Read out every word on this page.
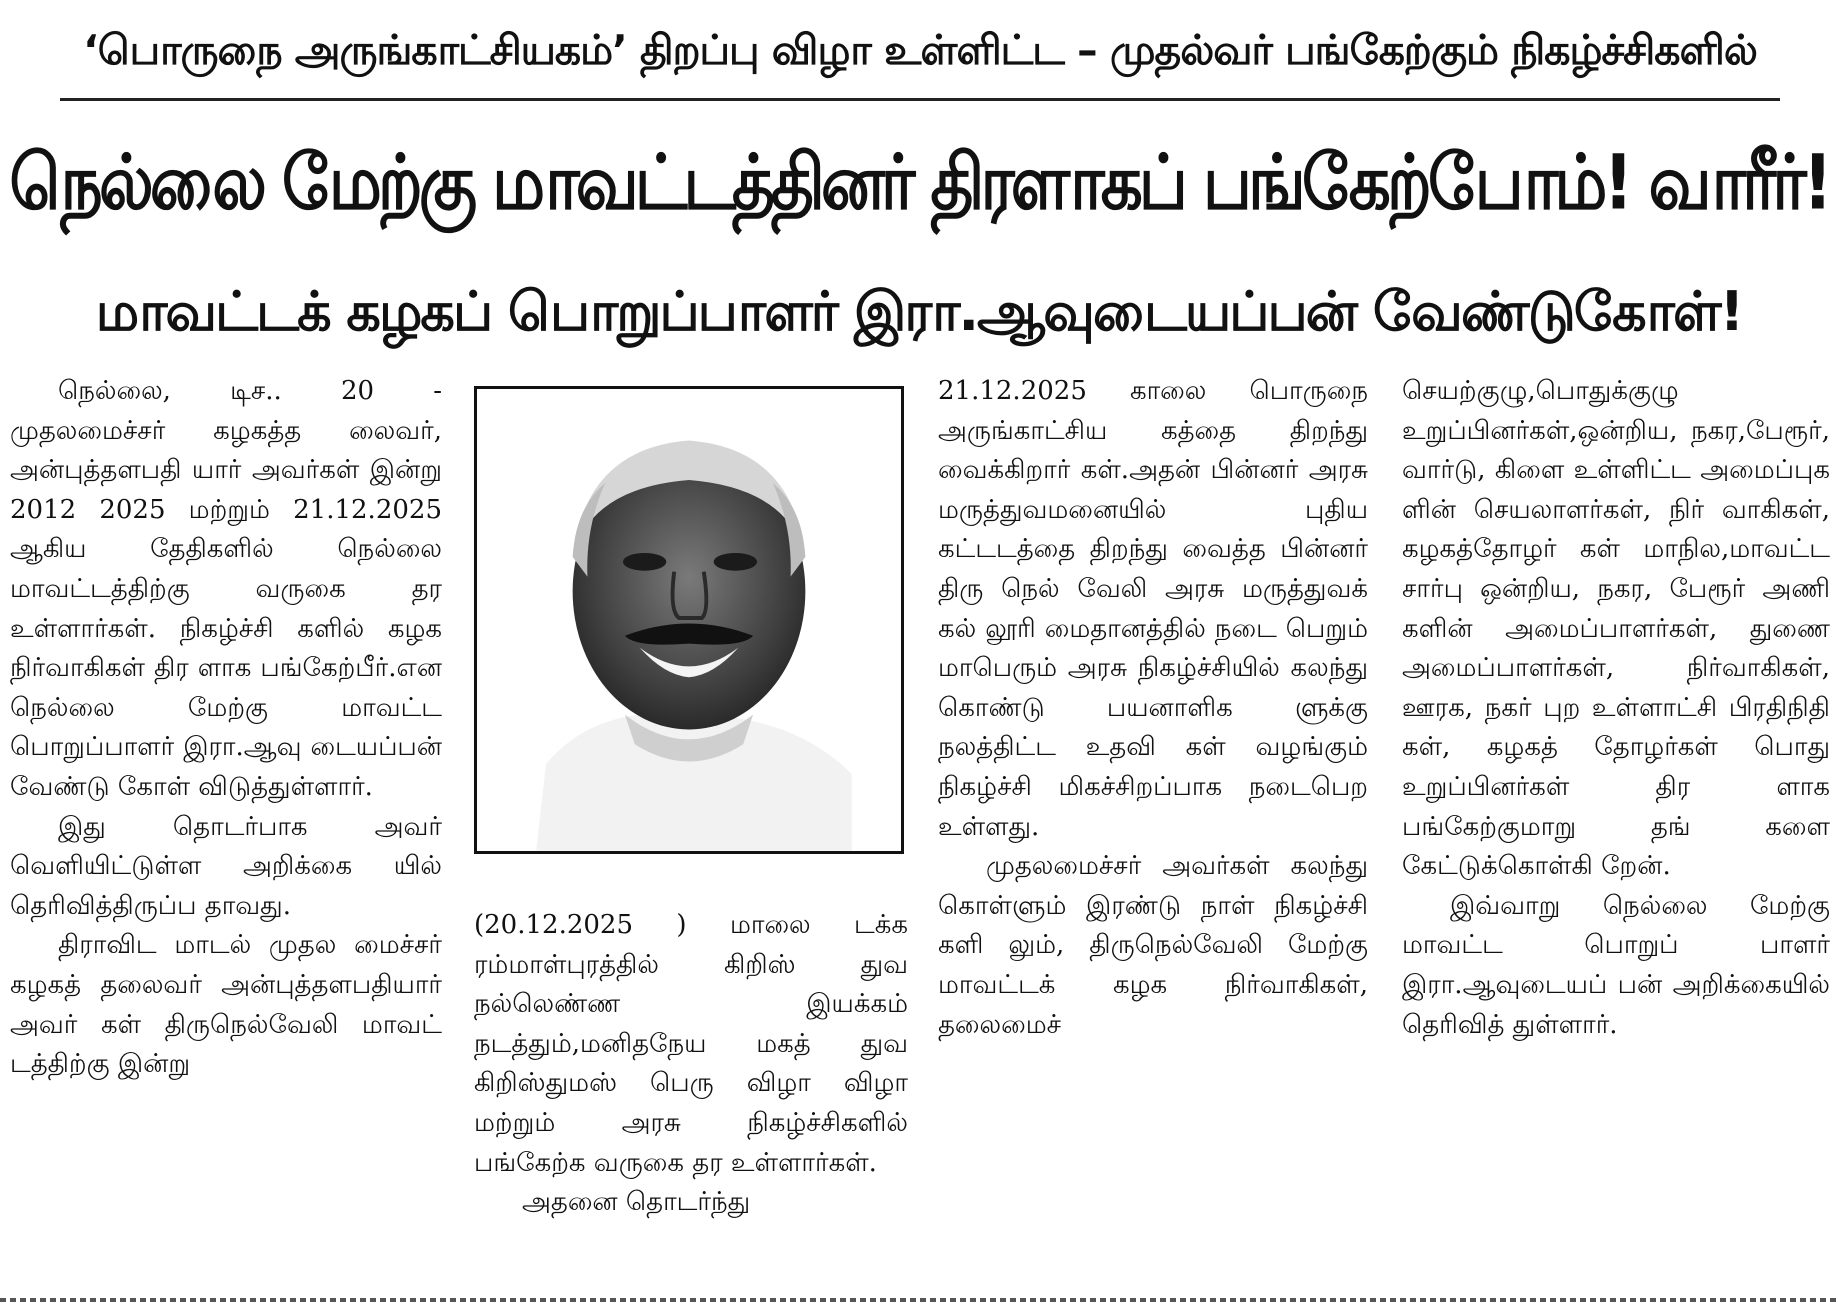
‘பொருநை அருங்காட்சியகம்’ திறப்பு விழா உள்ளிட்ட – முதல்வர் பங்கேற்கும் நிகழ்ச்சிகளில்
நெல்லை மேற்கு மாவட்டத்தினர் திரளாகப் பங்கேற்போம்! வாரீர்!
மாவட்டக் கழகப் பொறுப்பாளர் இரா.ஆவுடையப்பன் வேண்டுகோள்!

நெல்லை, டிச.. 20 - முதலமைச்சர் கழகத்த லைவர், அன்புத்தளபதி யார் அவர்கள் இன்று 2012 2025 மற்றும் 21.12.2025 ஆகிய தேதிகளில் நெல்லை மாவட்டத்திற்கு வருகை தர உள்ளார்கள். நிகழ்ச்சி களில் கழக நிர்வாகிகள் திர ளாக பங்கேற்பீர்.என நெல்லை மேற்கு மாவட்ட பொறுப்பாளர் இரா.ஆவு டையப்பன் வேண்டு கோள் விடுத்துள்ளார்.

இது தொடர்பாக அவர் வெளியிட்டுள்ள அறிக்கை யில் தெரிவித்திருப்ப தாவது.

திராவிட மாடல் முதல மைச்சர் கழகத் தலைவர் அன்புத்தளபதியார் அவர் கள் திருநெல்வேலி மாவட் டத்திற்கு இன்று

(20.12.2025 ) மாலை டக்க ரம்மாள்புரத்தில் கிறிஸ் துவ நல்லெண்ண இயக்கம் நடத்தும்,மனிதநேய மகத் துவ கிறிஸ்துமஸ் பெரு விழா விழா மற்றும் அரசு நிகழ்ச்சிகளில் பங்கேற்க வருகை தர உள்ளார்கள்.

அதனை தொடர்ந்து

21.12.2025 காலை பொருநை அருங்காட்சிய கத்தை திறந்து வைக்கிறார் கள்.அதன் பின்னர் அரசு மருத்துவமனையில் புதிய கட்டடத்தை திறந்து வைத்த பின்னர் திரு நெல் வேலி அரசு மருத்துவக் கல் லூரி மைதானத்தில் நடை பெறும் மாபெரும் அரசு நிகழ்ச்சியில் கலந்து கொண்டு பயனாளிக ளுக்கு நலத்திட்ட உதவி கள் வழங்கும் நிகழ்ச்சி மிகச்சிறப்பாக நடைபெற உள்ளது.

முதலமைச்சர் அவர்கள் கலந்து கொள்ளும் இரண்டு நாள் நிகழ்ச்சி களி லும், திருநெல்வேலி மேற்கு மாவட்டக் கழக நிர்வாகிகள், தலைமைச்

செயற்குழு,பொதுக்குழு உறுப்பினர்கள்,ஒன்றிய, நகர,பேரூர், வார்டு, கிளை உள்ளிட்ட அமைப்புக ளின் செயலாளர்கள், நிர் வாகிகள், கழகத்தோழர் கள் மாநில,மாவட்ட சார்பு ஒன்றிய, நகர, பேரூர் அணி களின் அமைப்பாளர்கள், துணை அமைப்பாளர்கள், நிர்வாகிகள், ஊரக, நகர் புற உள்ளாட்சி பிரதிநிதி கள், கழகத் தோழர்கள் பொது உறுப்பினர்கள் திர ளாக பங்கேற்குமாறு தங் களை கேட்டுக்கொள்கி றேன்.

இவ்வாறு நெல்லை மேற்கு மாவட்ட பொறுப் பாளர் இரா.ஆவுடையப் பன் அறிக்கையில் தெரிவித் துள்ளார்.
